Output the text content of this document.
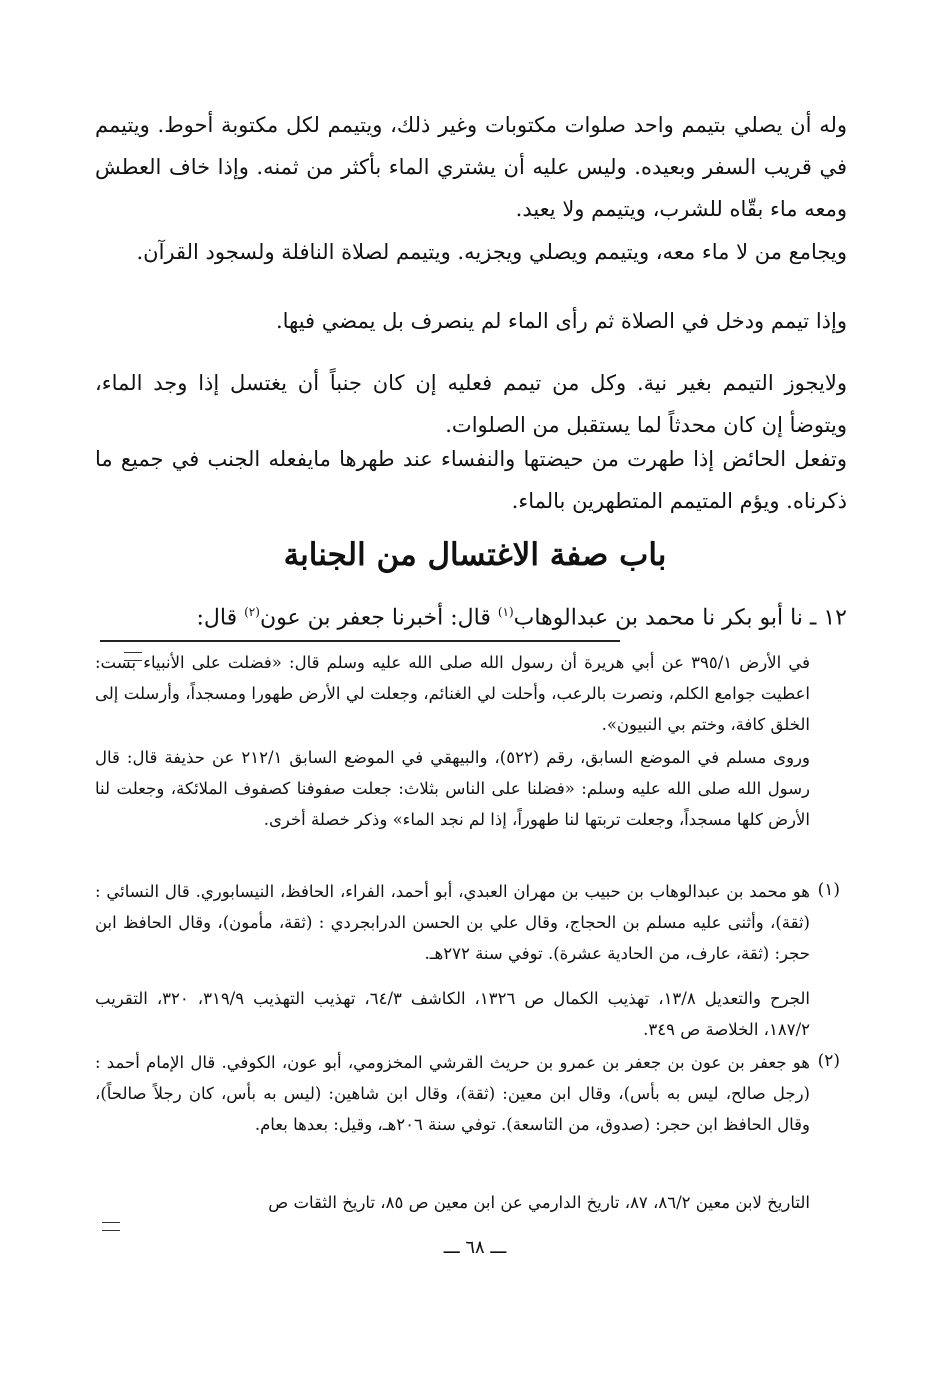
وله أن يصلي بتيمم واحد صلوات مكتوبات وغير ذلك، ويتيمم لكل مكتوبة أحوط. ويتيمم في قريب السفر وبعيده. وليس عليه أن يشتري الماء بأكثر من ثمنه. وإذا خاف العطش ومعه ماء بقّاه للشرب، ويتيمم ولا يعيد.
ويجامع من لا ماء معه، ويتيمم ويصلي ويجزيه. ويتيمم لصلاة النافلة ولسجود القرآن.
وإذا تيمم ودخل في الصلاة ثم رأى الماء لم ينصرف بل يمضي فيها.
ولايجوز التيمم بغير نية. وكل من تيمم فعليه إن كان جنباً أن يغتسل إذا وجد الماء، ويتوضأ إن كان محدثاً لما يستقبل من الصلوات.
وتفعل الحائض إذا طهرت من حيضتها والنفساء عند طهرها مايفعله الجنب في جميع ما ذكرناه. ويؤم المتيمم المتطهرين بالماء.
باب صفة الاغتسال من الجنابة
١٢ ـ نا أبو بكر نا محمد بن عبدالوهاب$^{(١)}$ قال: أخبرنا جعفر بن عون$^{(٢)}$ قال:
في الأرض ٣٩٥/١ عن أبي هريرة أن رسول الله صلى الله عليه وسلم قال: «فضلت على الأنبياء بست: اعطيت جوامع الكلم، ونصرت بالرعب، وأحلت لي الغنائم، وجعلت لي الأرض طهورا ومسجداً، وأرسلت إلى الخلق كافة، وختم بي النبيون».
وروى مسلم في الموضع السابق، رقم (٥٢٢)، والبيهقي في الموضع السابق ٢١٢/١ عن حذيفة قال: قال رسول الله صلى الله عليه وسلم: «فضلنا على الناس بثلاث: جعلت صفوفنا كصفوف الملائكة، وجعلت لنا الأرض كلها مسجداً، وجعلت تربتها لنا طهوراً، إذا لم نجد الماء» وذكر خصلة أخرى.
(١)
هو محمد بن عبدالوهاب بن حبيب بن مهران العبدي، أبو أحمد، الفراء، الحافظ، النيسابوري. قال النسائي : (ثقة)، وأثنى عليه مسلم بن الحجاج، وقال علي بن الحسن الدرابجردي : (ثقة، مأمون)، وقال الحافظ ابن حجر: (ثقة، عارف، من الحادية عشرة). توفي سنة ٢٧٢هـ.
الجرح والتعديل ١٣/٨، تهذيب الكمال ص ١٣٢٦، الكاشف ٦٤/٣، تهذيب التهذيب ٣١٩/٩، ٣٢٠، التقريب ١٨٧/٢، الخلاصة ص ٣٤٩.
(٢)
هو جعفر بن عون بن جعفر بن عمرو بن حريث القرشي المخزومي، أبو عون، الكوفي. قال الإمام أحمد : (رجل صالح، ليس به بأس)، وقال ابن معين: (ثقة)، وقال ابن شاهين: (ليس به بأس، كان رجلاً صالحاً)، وقال الحافظ ابن حجر: (صدوق، من التاسعة). توفي سنة ٢٠٦هـ، وقيل: بعدها بعام.
التاريخ لابن معين ٨٦/٢، ٨٧، تاريخ الدارمي عن ابن معين ص ٨٥، تاريخ الثقات ص
ـــ ٦٨ ـــ
